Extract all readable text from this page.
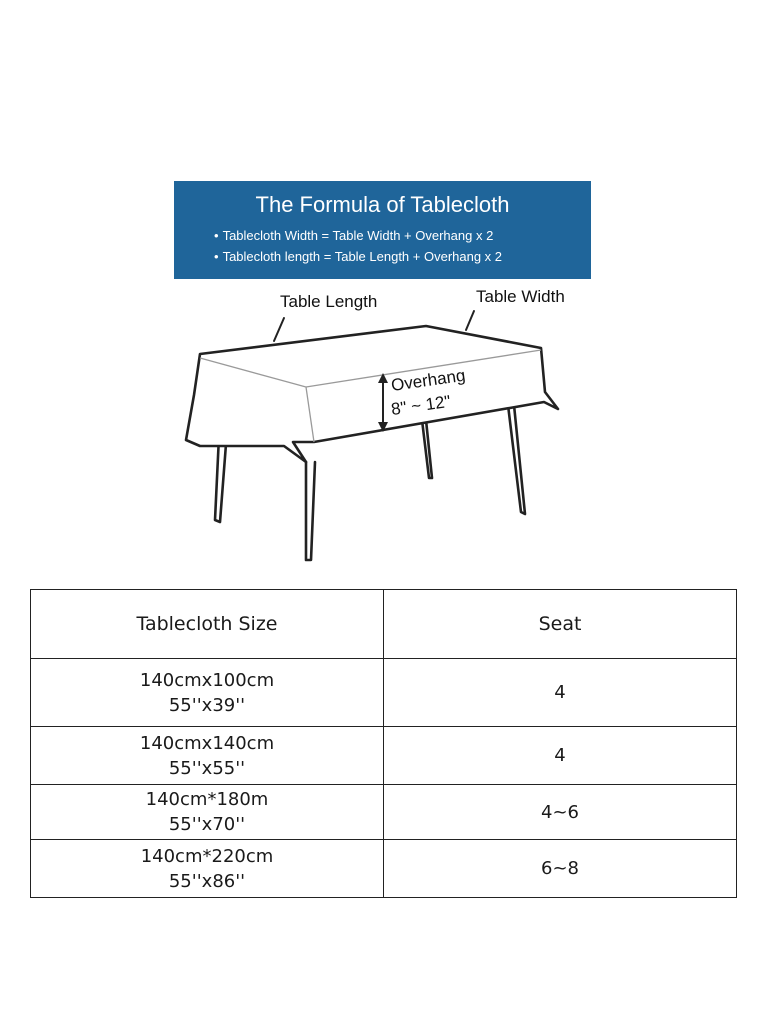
The Formula of Tablecloth
• Tablecloth Width = Table Width + Overhang x 2
• Tablecloth length = Table Length + Overhang x 2
Table Length	Table Width
Overhang
8" ~ 12"
Tablecloth Size	Seat

140cmx100cm
55''x39''	4

140cmx140cm
55''x55''	4

140cm*180m
55''x70''	4~6

140cm*220cm
55''x86''	6~8
